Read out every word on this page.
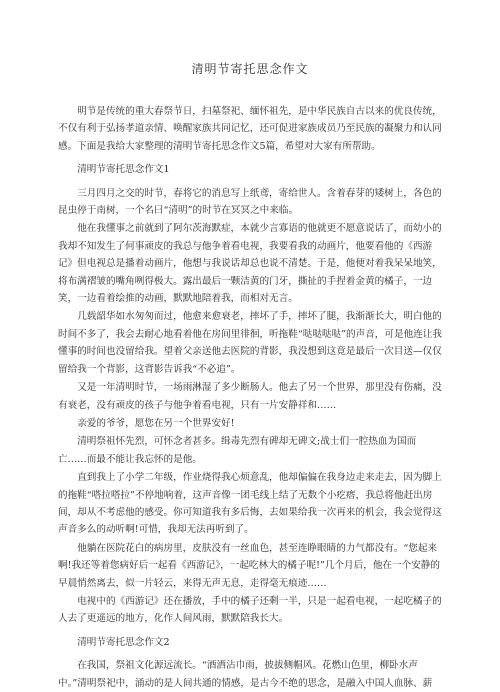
清明节寄托思念作文

明节是传统的重大春祭节日，扫墓祭祀、缅怀祖先，是中华民族自古以来的优良传统，不仅有利于弘扬孝道亲情、唤醒家族共同记忆，还可促进家族成员乃至民族的凝聚力和认同感。下面是我给大家整理的清明节寄托思念作文5篇，希望对大家有所帮助。

清明节寄托思念作文1

三月四月之交的时节，春将它的消息写上纸鸢，寄给世人。含着春芽的矮树上，各色的昆虫停于南树，一个名曰“清明”的时节在冥冥之中来临。

他在我懂事之前就到了阿尔茨海默症，本就少言寡语的他就更不愿意说话了，而幼小的我却不知发生了何事顽皮的我总与他争着看电视，我要看我的动画片，他要看他的《西游记》但电视总是播着动画片，他想与我说话却总也说不清楚。于是，他便对着我呆呆地笑，将布满褶皱的嘴角咧得极大。露出最后一颗洁黄的门牙，撕扯的手捏着金黄的橘子，一边笑，一边看着绘推的动画，默默地陪着我，而相对无言。

几载韶华如水匆匆而过，他愈来愈衰老，摔坏了手，摔坏了腿，我渐渐长大，明白他的时间不多了，我会去耐心地看着他在房间里徘徊，听拖鞋“哒哒哒哒”的声音，可是他连让我懂事的时间也没留给我。望着父亲送他去医院的背影，我没想到这竟是最后一次目送—仅仅留给我一个背影，这背影告诉我“不必追”。

又是一年清明时节，一场雨淋湿了多少断肠人。他去了另一个世界，那里没有伤痛，没有衰老，没有顽皮的孩子与他争着看电视，只有一片安静祥和……

亲爱的爷爷，愿您在另一个世界安好!

清明祭祖怀先烈，可怀念者甚多。缉毒先烈有碑却无碑文;战士们一腔热血为国而亡……而最不能让我忘怀的是他。

直到我上了小学二年级，作业烧得我心烦意乱，他却偏偏在我身边走来走去，因为脚上的拖鞋“嗒拉嗒拉”不停地响着，这声音像一团毛线上结了无数个小疙瘩，我总将他赶出房间，却从不考虑他的感受。你可知道我有多后悔，去如果给我一次再来的机会，我会觉得这声音多么的动听啊!可惜，我却无法再听到了。

他躺在医院花白的病房里，皮肤没有一丝血色，甚至连睁眼睛的力气都没有。“您起来啊!我还等着您病好后一起看《西游记》，一起吃林大的橘子呢!”几个月后，他在一个安静的早晨悄然离去，似一片轻云，来得无声无息，走得毫无痕迹……

电视中的《西游记》还在播放，手中的橘子还剩一半，只是一起看电视，一起吃橘子的人去了更遥远的地方，化作人间风雨，默默陪我长大。

清明节寄托思念作文2

在我国，祭祖文化源远流长。“酒洒沾巾雨，披拔侧帽风。花燃山色里，柳卧水声中。”清明祭祀中，涌动的是人间共通的情感，是古今不绝的思念，是融入中国人血脉、薪
